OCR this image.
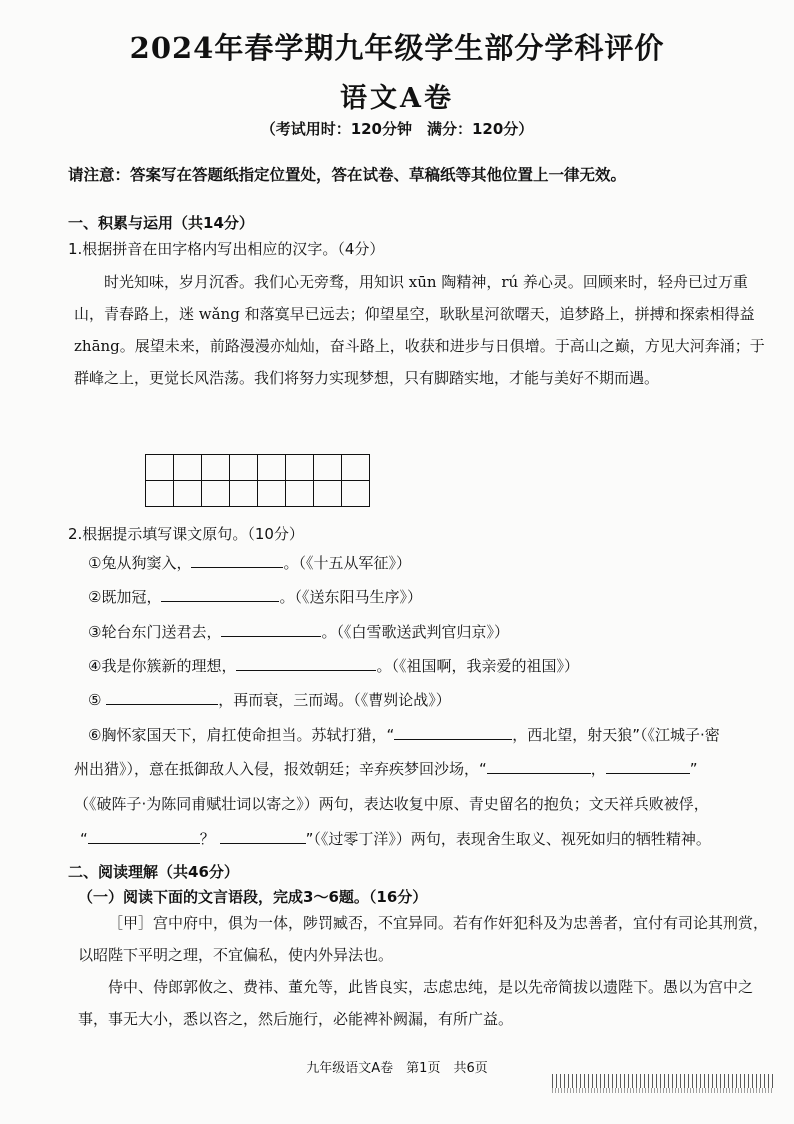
2024年春学期九年级学生部分学科评价
语文A卷
（考试用时：120分钟　满分：120分）
请注意：答案写在答题纸指定位置处，答在试卷、草稿纸等其他位置上一律无效。
一、积累与运用（共14分）
1.根据拼音在田字格内写出相应的汉字。（4分）

时光知味，岁月沉香。我们心无旁骛，用知识 xūn 陶精神，rú 养心灵。回顾来时，轻舟已过万重山，青春路上，迷 wǎng 和落寞早已远去；仰望星空，耿耿星河欲曙天，追梦路上，拼搏和探索相得益 zhāng。展望未来，前路漫漫亦灿灿，奋斗路上，收获和进步与日俱增。于高山之巅，方见大河奔涌；于群峰之上，更觉长风浩荡。我们将努力实现梦想，只有脚踏实地，才能与美好不期而遇。

2.根据提示填写课文原句。（10分）
①兔从狗窦入，	。（《十五从军征》）
②既加冠，	。（《送东阳马生序》）
③轮台东门送君去，	。（《白雪歌送武判官归京》）
④我是你簇新的理想，	。（《祖国啊，我亲爱的祖国》）
⑤	，再而衰，三而竭。（《曹刿论战》）
⑥胸怀家国天下，肩扛使命担当。苏轼打猎，“	，西北望，射天狼”（《江城子·密
州出猎》），意在抵御敌人入侵，报效朝廷；辛弃疾梦回沙场，“	，	”
（《破阵子·为陈同甫赋壮词以寄之》）两句，表达收复中原、青史留名的抱负；文天祥兵败被俘，
“	？	”（《过零丁洋》）两句，表现舍生取义、视死如归的牺牲精神。
二、阅读理解（共46分）
（一）阅读下面的文言语段，完成3～6题。（16分）

［甲］宫中府中，俱为一体，陟罚臧否，不宜异同。若有作奸犯科及为忠善者，宜付有司论其刑赏，以昭陛下平明之理，不宜偏私，使内外异法也。

侍中、侍郎郭攸之、费祎、董允等，此皆良实，志虑忠纯，是以先帝简拔以遗陛下。愚以为宫中之事，事无大小，悉以咨之，然后施行，必能裨补阙漏，有所广益。

九年级语文A卷　第1页　共6页
